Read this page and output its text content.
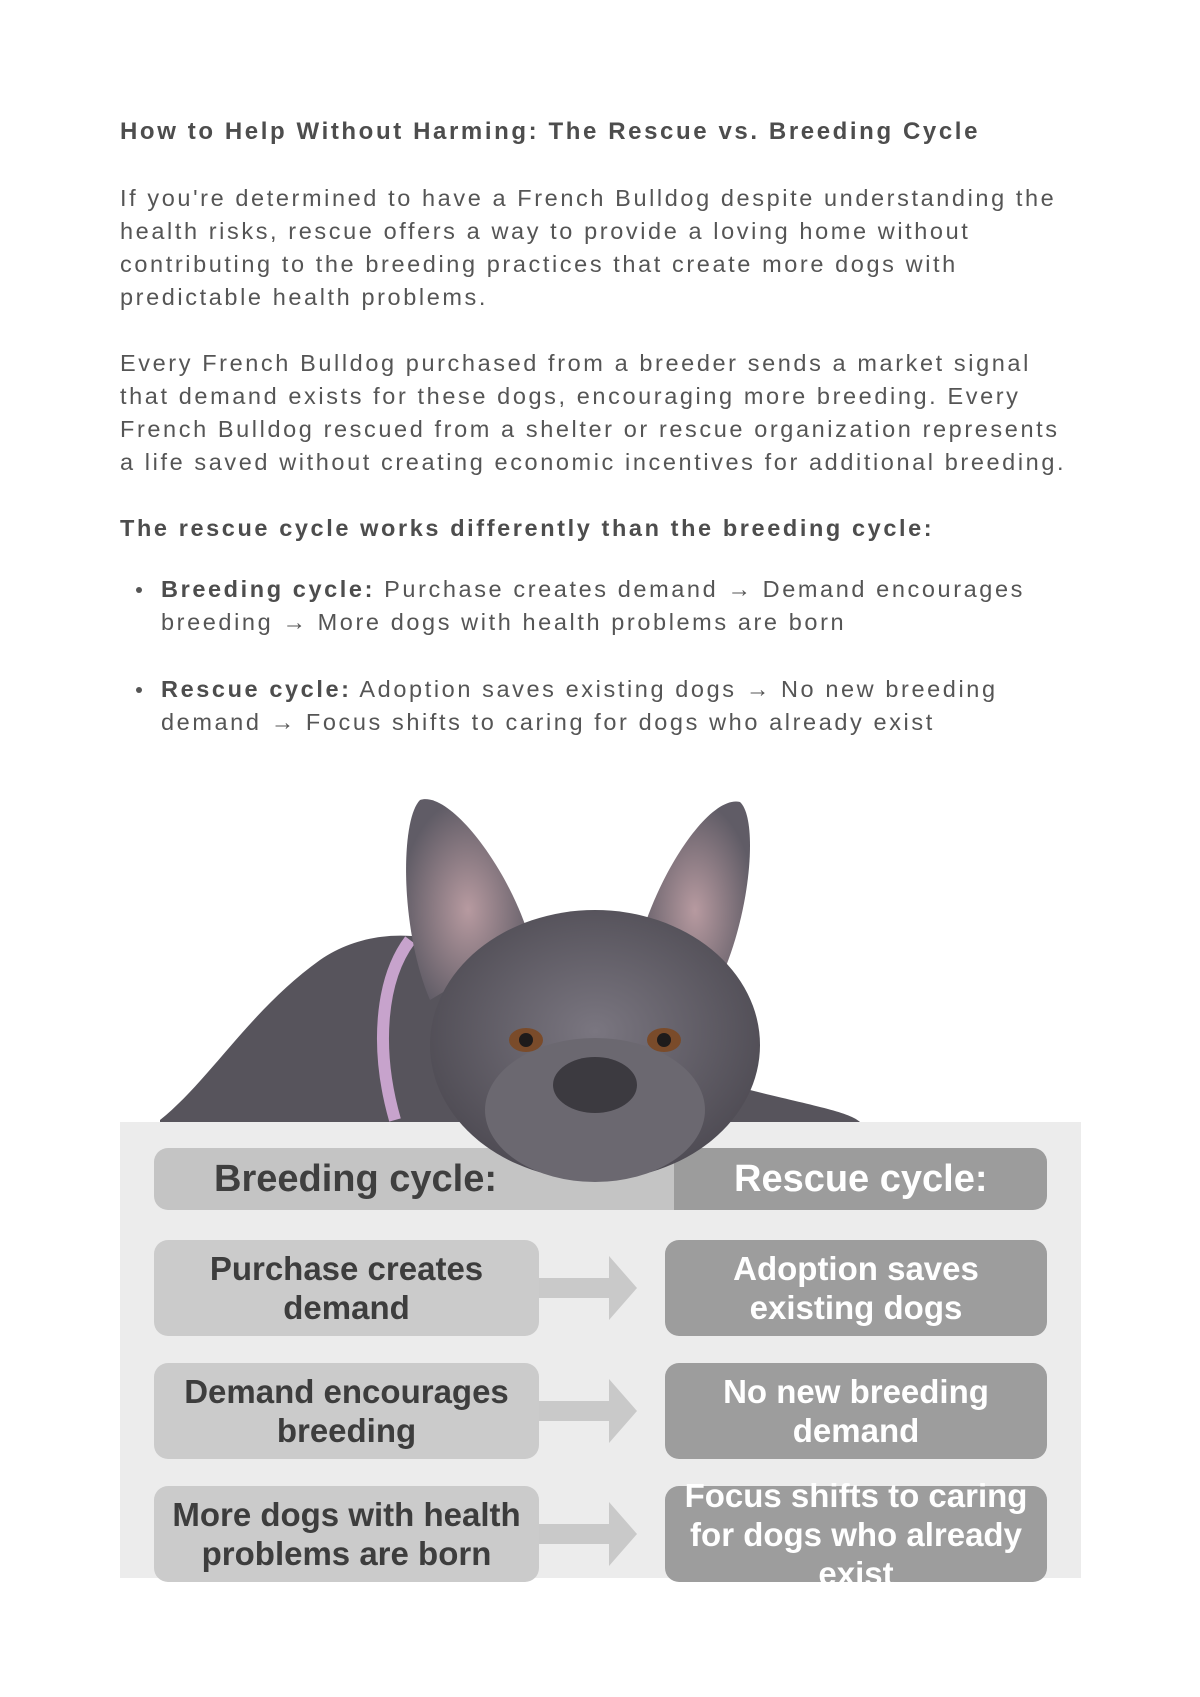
How to Help Without Harming: The Rescue vs. Breeding Cycle

If you're determined to have a French Bulldog despite understanding the health risks, rescue offers a way to provide a loving home without contributing to the breeding practices that create more dogs with predictable health problems.

Every French Bulldog purchased from a breeder sends a market signal that demand exists for these dogs, encouraging more breeding. Every French Bulldog rescued from a shelter or rescue organization represents a life saved without creating economic incentives for additional breeding.

The rescue cycle works differently than the breeding cycle:

Breeding cycle: Purchase creates demand → Demand encourages breeding → More dogs with health problems are born
Rescue cycle: Adoption saves existing dogs → No new breeding demand → Focus shifts to caring for dogs who already exist
Breeding cycle:	Rescue cycle:
Purchase creates demand
Adoption saves existing dogs
Demand encourages breeding
No new breeding demand
More dogs with health problems are born
Focus shifts to caring for dogs who already exist
